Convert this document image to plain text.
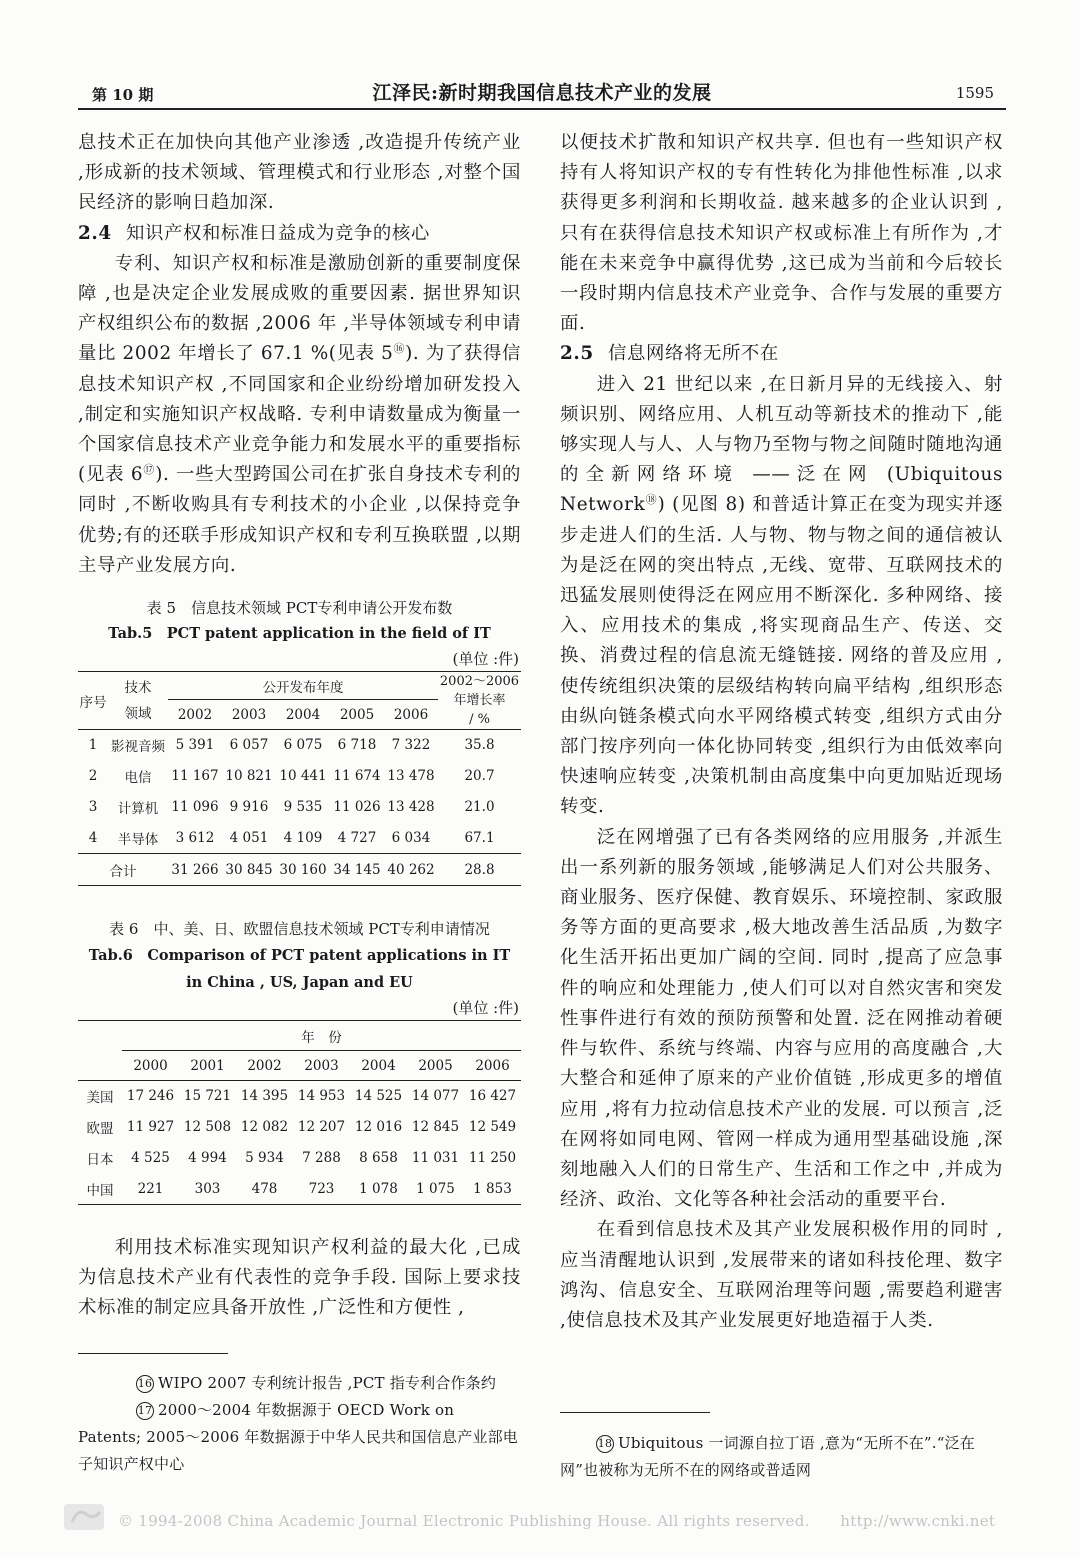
第 10 期	江泽民:新时期我国信息技术产业的发展	1595

息技术正在加快向其他产业渗透 ,改造提升传统产业 ,形成新的技术领域、管理模式和行业形态 ,对整个国民经济的影响日趋加深.

2.4 知识产权和标准日益成为竞争的核心

专利、知识产权和标准是激励创新的重要制度保障 ,也是决定企业发展成败的重要因素. 据世界知识产权组织公布的数据 ,2006 年 ,半导体领域专利申请量比 2002 年增长了 67.1 %(见表 5⑯). 为了获得信息技术知识产权 ,不同国家和企业纷纷增加研发投入 ,制定和实施知识产权战略. 专利申请数量成为衡量一个国家信息技术产业竞争能力和发展水平的重要指标(见表 6⑰). 一些大型跨国公司在扩张自身技术专利的同时 ,不断收购具有专利技术的小企业 ,以保持竞争优势;有的还联手形成知识产权和专利互换联盟 ,以期主导产业发展方向.

表 5　信息技术领域 PCT专利申请公开发布数
Tab.5　PCT patent application in the field of IT
(单位 :件)
序号	技术
领域	公开发布年度					2002～2006
年增长率
/ %
		2002	2003	2004	2005	2006	
1	影视音频	5 391	6 057	6 075	6 718	7 322	35.8
2	电信	11 167	10 821	10 441	11 674	13 478	20.7
3	计算机	11 096	9 916	9 535	11 026	13 428	21.0
4	半导体	3 612	4 051	4 109	4 727	6 034	67.1
合计		31 266	30 845	30 160	34 145	40 262	28.8
表 6　中、美、日、欧盟信息技术领域 PCT专利申请情况
Tab.6　Comparison of PCT patent applications in IT
in China , US, Japan and EU
(单位 :件)
	年　份						
	2000	2001	2002	2003	2004	2005	2006
美国	17 246	15 721	14 395	14 953	14 525	14 077	16 427
欧盟	11 927	12 508	12 082	12 207	12 016	12 845	12 549
日本	4 525	4 994	5 934	7 288	8 658	11 031	11 250
中国	221	303	478	723	1 078	1 075	1 853

利用技术标准实现知识产权利益的最大化 ,已成为信息技术产业有代表性的竞争手段. 国际上要求技术标准的制定应具备开放性 ,广泛性和方便性 ,

16 WIPO 2007 专利统计报告 ,PCT 指专利合作条约

17 2000～2004 年数据源于 OECD Work on Patents; 2005～2006 年数据源于中华人民共和国信息产业部电子知识产权中心

以便技术扩散和知识产权共享. 但也有一些知识产权持有人将知识产权的专有性转化为排他性标准 ,以求获得更多利润和长期收益. 越来越多的企业认识到 ,只有在获得信息技术知识产权或标准上有所作为 ,才能在未来竞争中赢得优势 ,这已成为当前和今后较长一段时期内信息技术产业竞争、合作与发展的重要方面.

2.5 信息网络将无所不在

进入 21 世纪以来 ,在日新月异的无线接入、射频识别、网络应用、人机互动等新技术的推动下 ,能够实现人与人、人与物乃至物与物之间随时随地沟通的全新网络环境 ——泛在网 (Ubiquitous Network⑱) (见图 8) 和普适计算正在变为现实并逐步走进人们的生活. 人与物、物与物之间的通信被认为是泛在网的突出特点 ,无线、宽带、互联网技术的迅猛发展则使得泛在网应用不断深化. 多种网络、接入、应用技术的集成 ,将实现商品生产、传送、交换、消费过程的信息流无缝链接. 网络的普及应用 ,使传统组织决策的层级结构转向扁平结构 ,组织形态由纵向链条模式向水平网络模式转变 ,组织方式由分部门按序列向一体化协同转变 ,组织行为由低效率向快速响应转变 ,决策机制由高度集中向更加贴近现场转变.

泛在网增强了已有各类网络的应用服务 ,并派生出一系列新的服务领域 ,能够满足人们对公共服务、商业服务、医疗保健、教育娱乐、环境控制、家政服务等方面的更高要求 ,极大地改善生活品质 ,为数字化生活开拓出更加广阔的空间. 同时 ,提高了应急事件的响应和处理能力 ,使人们可以对自然灾害和突发性事件进行有效的预防预警和处置. 泛在网推动着硬件与软件、系统与终端、内容与应用的高度融合 ,大大整合和延伸了原来的产业价值链 ,形成更多的增值应用 ,将有力拉动信息技术产业的发展. 可以预言 ,泛在网将如同电网、管网一样成为通用型基础设施 ,深刻地融入人们的日常生产、生活和工作之中 ,并成为经济、政治、文化等各种社会活动的重要平台.

在看到信息技术及其产业发展积极作用的同时 ,应当清醒地认识到 ,发展带来的诸如科技伦理、数字鸿沟、信息安全、互联网治理等问题 ,需要趋利避害 ,使信息技术及其产业发展更好地造福于人类.

18 Ubiquitous 一词源自拉丁语 ,意为“无所不在”.“泛在网”也被称为无所不在的网络或普适网

© 1994-2008 China Academic Journal Electronic Publishing House. All rights reserved.　　http://www.cnki.net
